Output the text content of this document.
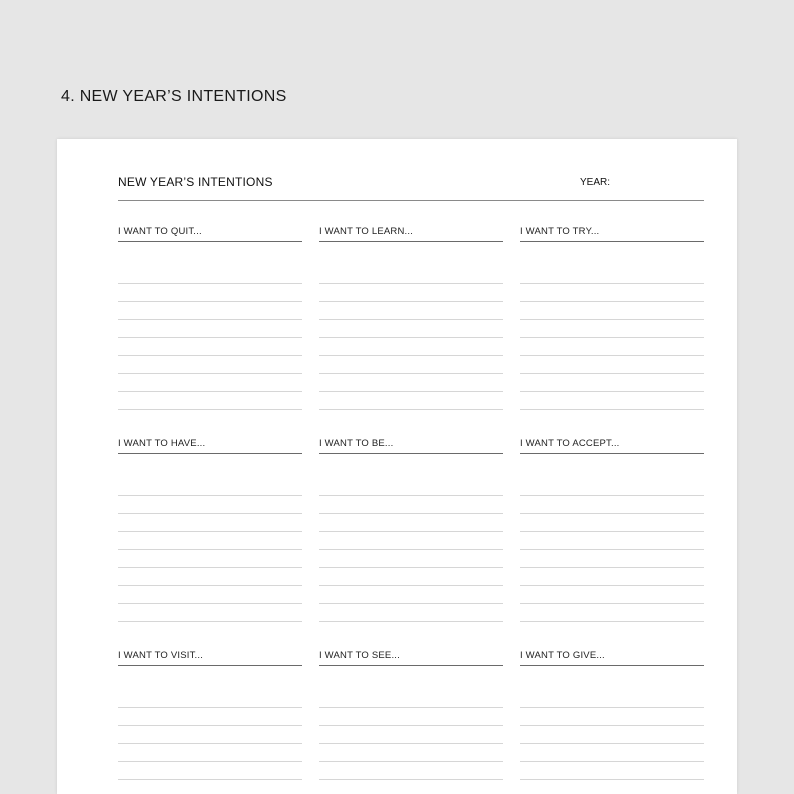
4. NEW YEAR’S INTENTIONS
NEW YEAR’S INTENTIONS	YEAR:
I WANT TO QUIT...	I WANT TO LEARN...	I WANT TO TRY...
I WANT TO HAVE...	I WANT TO BE...	I WANT TO ACCEPT...
I WANT TO VISIT...	I WANT TO SEE...	I WANT TO GIVE...
